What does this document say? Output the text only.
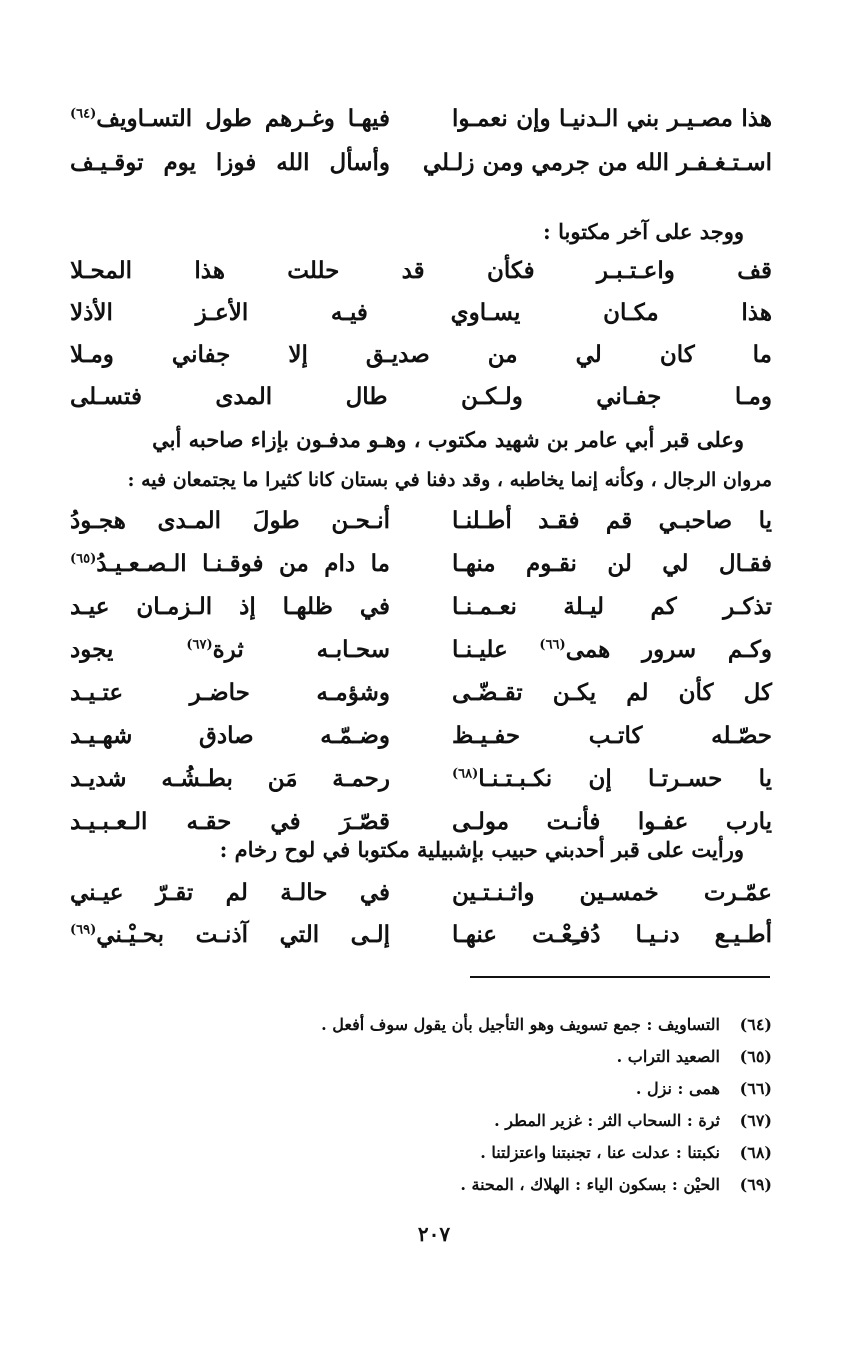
هذا مصـيـر بني الـدنيـا وإن نعمـوا
فيهـا وغـرهم طول التسـاويف$^{(٦٤)}$
اسـتـغـفـر الله من جرمي ومن زلـلي
وأسأل الله فوزا يوم توقـيـف
ووجد على آخر مكتوبا :
قف
واعـتـبـر
فكأن
قد
حللت
هذا
المحـلا
هذا
مكـان
يسـاوي
فيـه
الأعـز
الأذلا
ما
كان
لي
من
صديـق
إلا
جفاني
ومـلا
ومـا
جفـاني
ولـكـن
طال
المدى
فتسـلى
وعلى قبر أبي عامر بن شهيد مكتوب ، وهـو مدفـون بإزاء صاحبه أبي
مروان الرجال ، وكأنه إنما يخاطبه ، وقد دفنا في بستان كانا كثيرا ما يجتمعان فيه :
يا صاحبـي قم فقـد أطـلنـا
أنـحـن طولَ المـدى هجـودُ
فقـال لي لن نقـوم منهـا
ما دام من فوقـنـا الـصـعـيـدُ$^{(٦٥)}$
تذكـر كم ليـلة نعـمـنـا
في ظلهـا إذ الـزمـان عيـد
وكـم سرور همى$^{(٦٦)}$ عليـنـا
سحـابـه ثرة$^{(٦٧)}$ يجود
كل كأن لم يكـن تقـضّـى
وشؤمـه حاضـر عتـيـد
حصّـله كاتـب حفـيـظ
وضـمّـه صادق شهـيـد
يا حسـرتـا إن نكـبـتـنـا$^{(٦٨)}$
رحمـة مَن بطـشُـه شديـد
يارب عفـوا فأنـت مولـى
قصّـرَ في حقـه الـعـبـيـد
ورأيت على قبر أحدبني حبيب بإشبيلية مكتوبا في لوح رخام :
عمّـرت خمسـين واثـنـتـين
في حالـة لم تقـرّ عيـني
أطـيـع دنـيـا دُفـِعْـت عنهـا
إلـى التي آذنـت بحـيْـني$^{(٦٩)}$
(٦٤)
التساويف : جمع تسويف وهو التأجيل بأن يقول سوف أفعل .
(٦٥)
الصعيد التراب .
(٦٦)
همى : نزل .
(٦٧)
ثرة : السحاب الثر : غزير المطر .
(٦٨)
نكبتنا : عدلت عنا ، تجنبتنا واعتزلتنا .
(٦٩)
الحيْن : بسكون الياء : الهلاك ، المحنة .
٢٠٧
